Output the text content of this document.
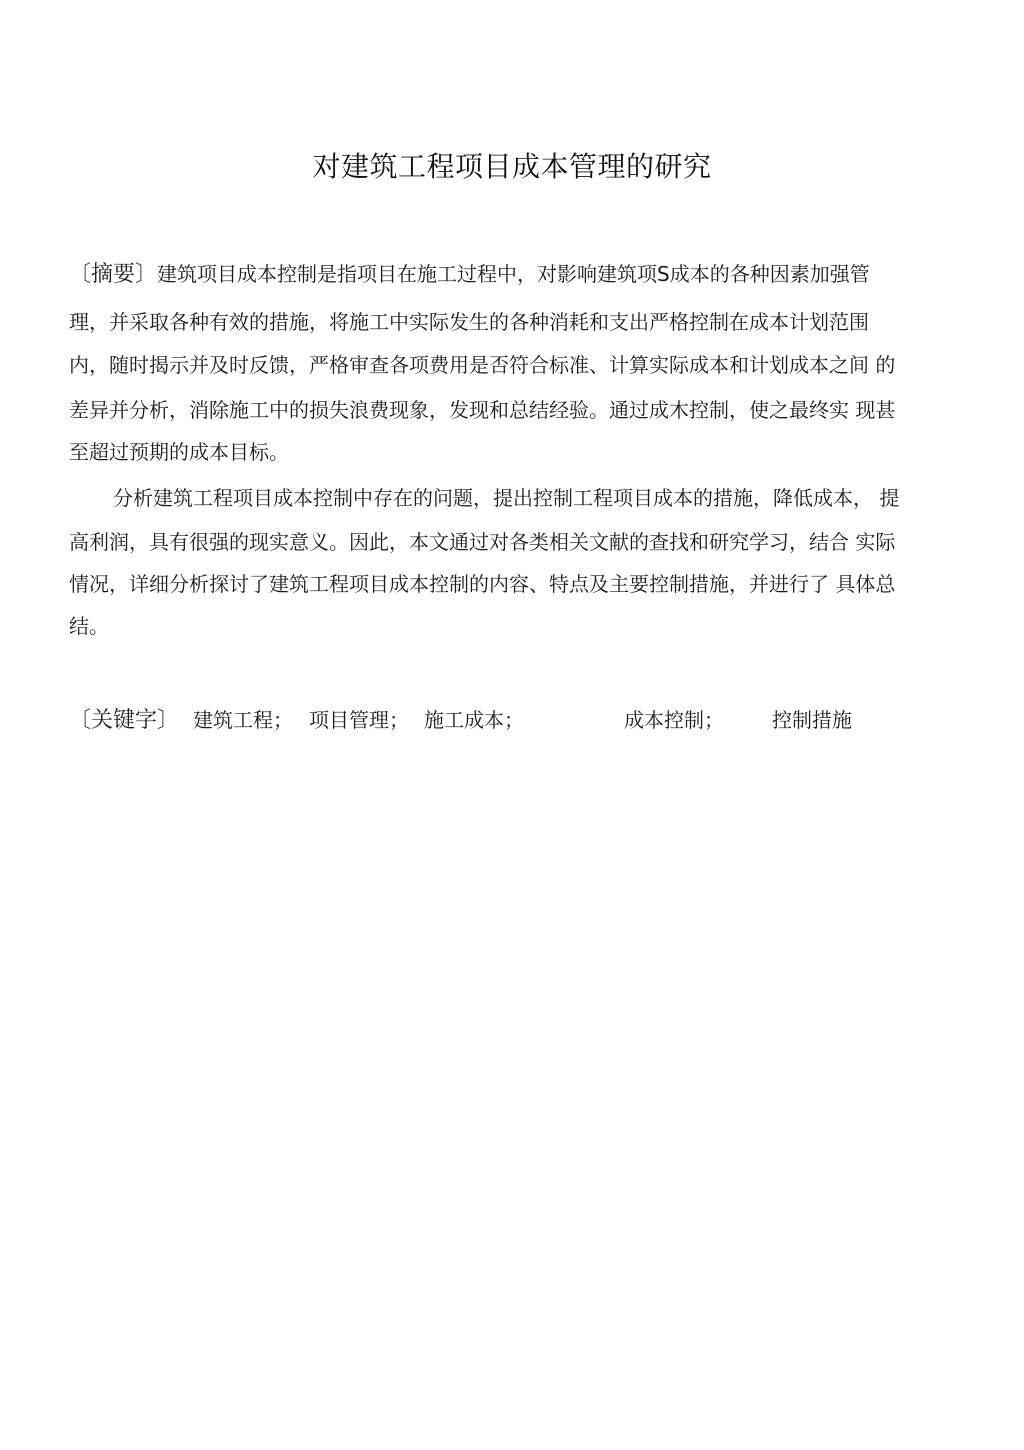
对建筑工程项目成本管理的研究
〔摘要〕建筑项目成本控制是指项目在施工过程中，对影响建筑项S成本的各种因素加强管
理，并采取各种有效的措施，将施工中实际发生的各种消耗和支出严格控制在成本计划范围
内，随时揭示并及时反馈，严格审查各项费用是否符合标准、计算实际成本和计划成本之间 的
差异并分析，消除施工中的损失浪费现象，发现和总结经验。通过成木控制，使之最终实 现甚
至超过预期的成本目标。
分析建筑工程项目成本控制中存在的问题，提出控制工程项目成本的措施，降低成本， 提
高利润，具有很强的现实意义。因此，本文通过对各类相关文献的查找和研究学习，结合 实际
情况，详细分析探讨了建筑工程项目成本控制的内容、特点及主要控制措施，并进行了 具体总
结。
〔关键字〕 建筑工程； 项目管理； 施工成本；	成本控制； 控制措施
